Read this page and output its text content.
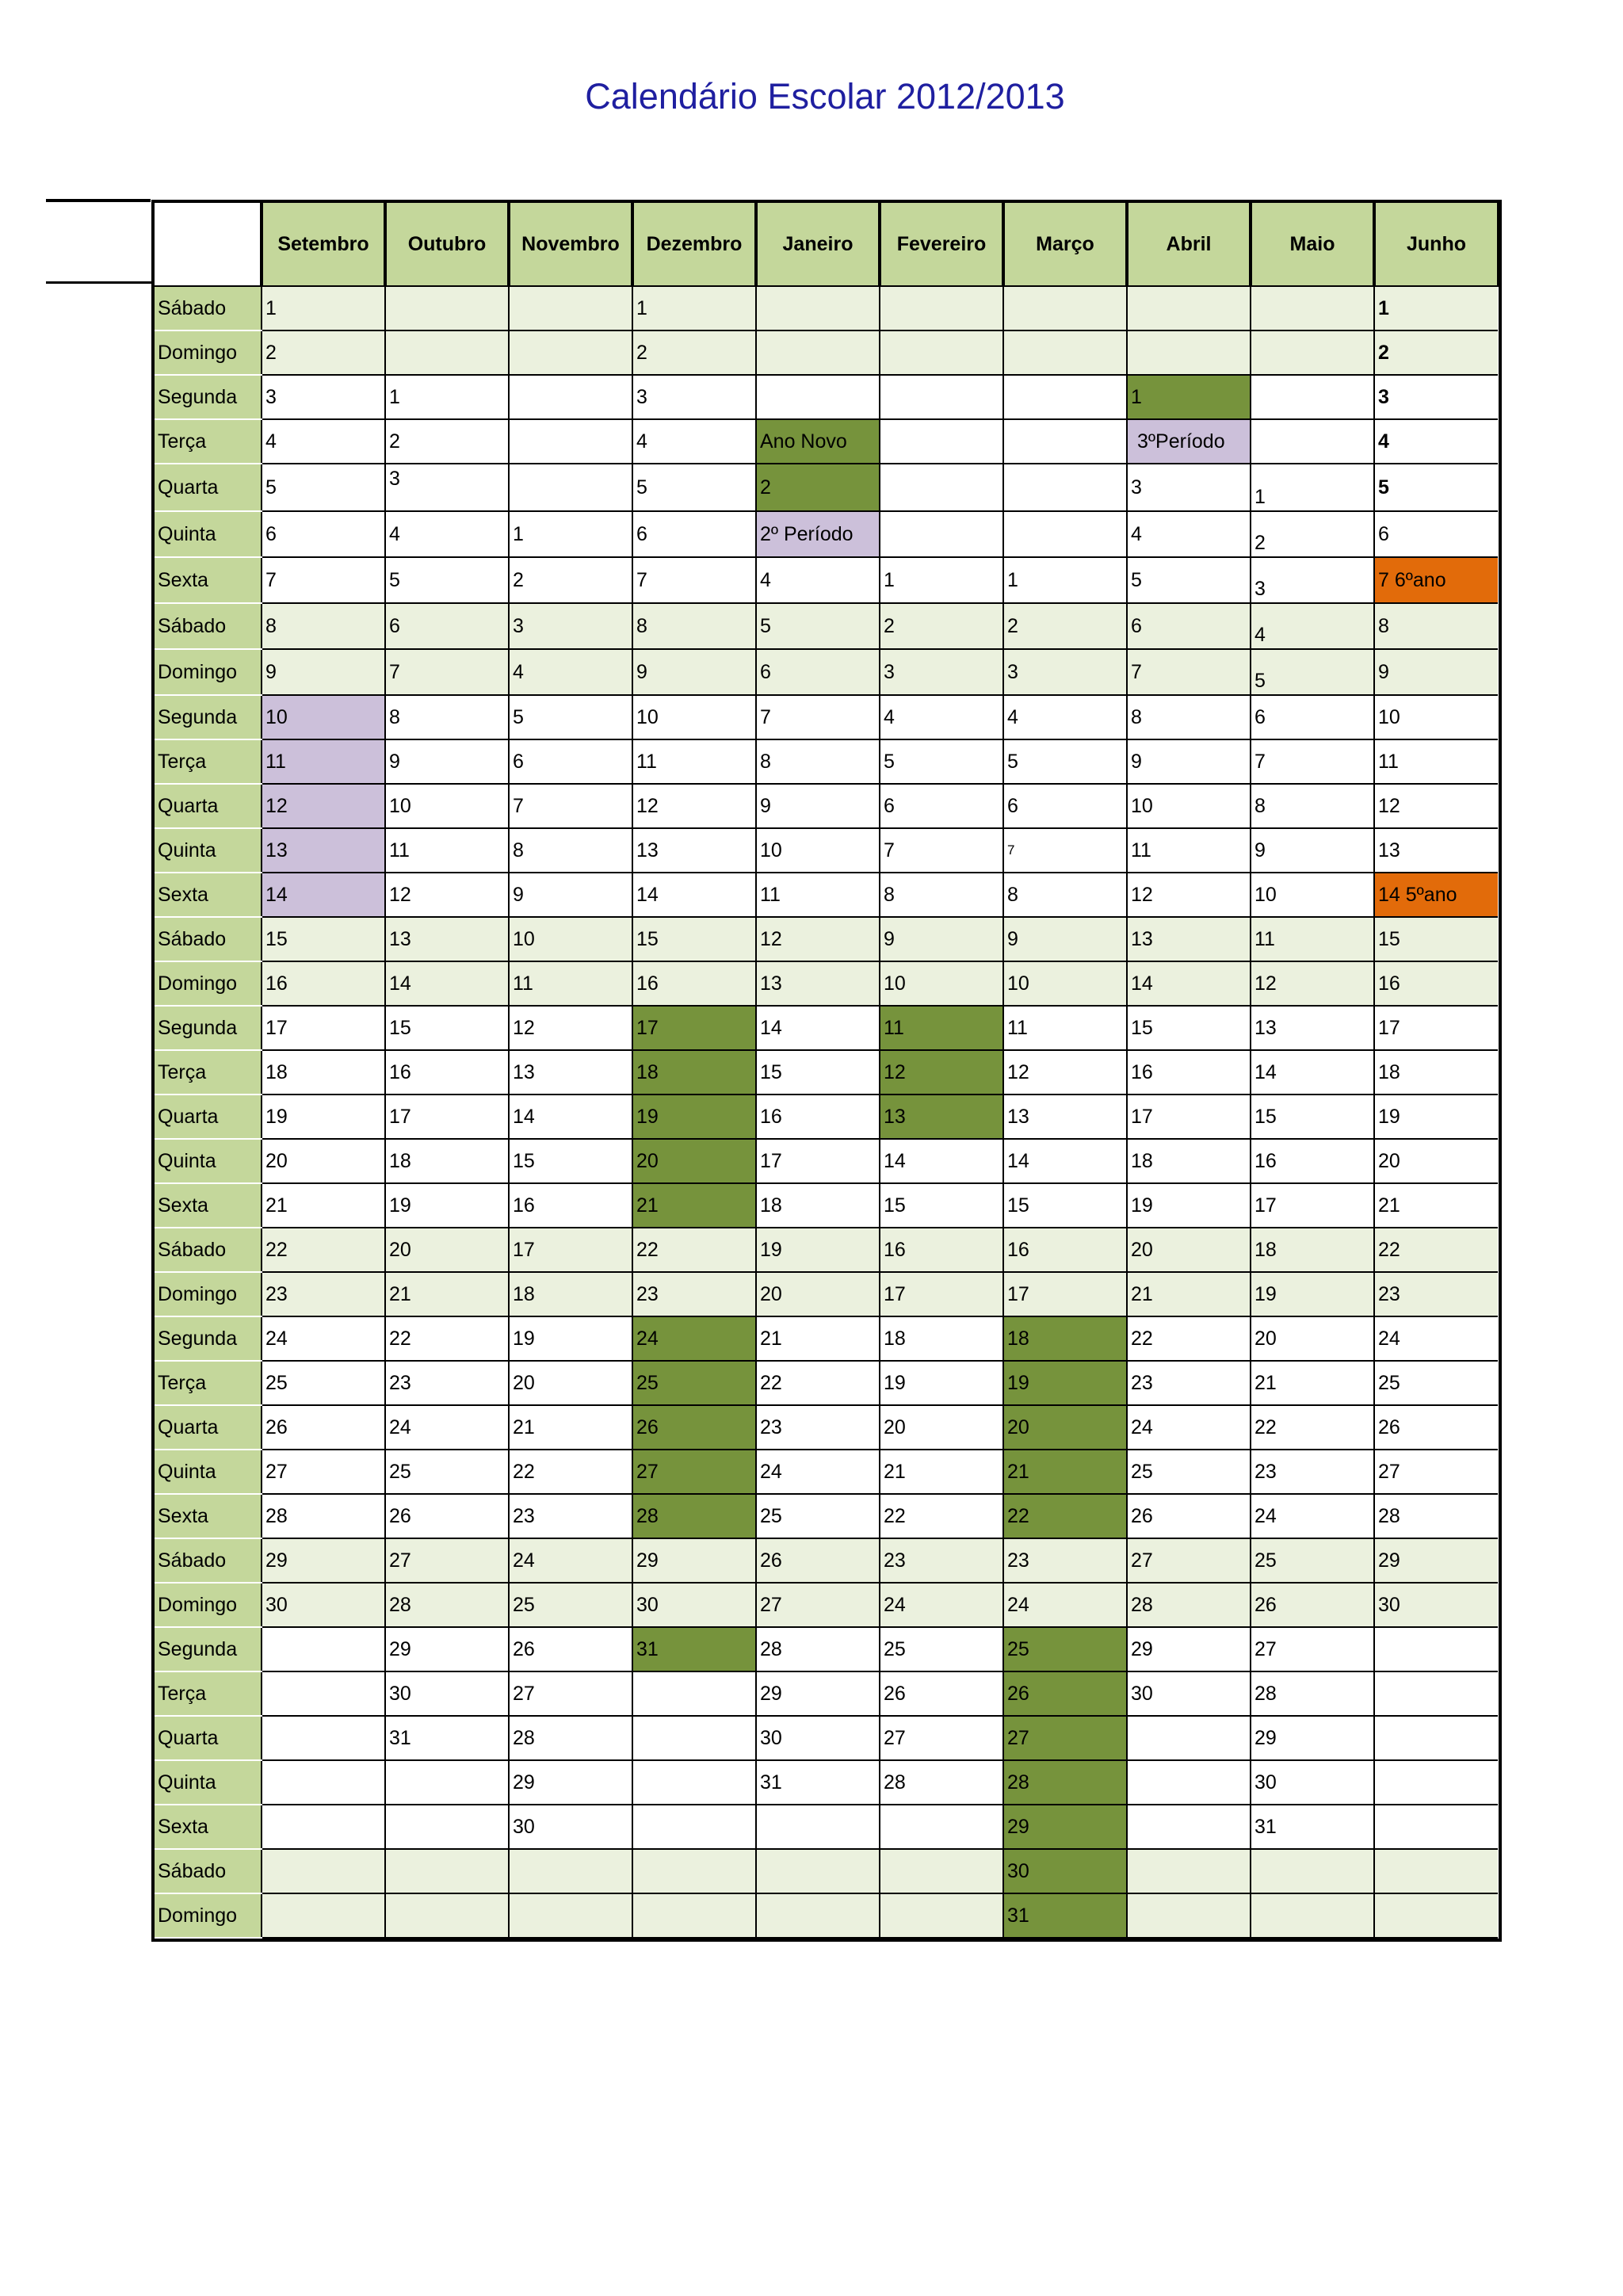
Calendário Escolar 2012/2013
	Setembro	Outubro	Novembro	Dezembro	Janeiro	Fevereiro	Março	Abril	Maio	Junho
Sábado	1			1						1
Domingo	2			2						2
Segunda	3	1		3				1		3
Terça	4	2		4	Ano Novo			3ºPeríodo		4
Quarta	5	3		5	2			3	1	5
Quinta	6	4	1	6	2º Período			4	2	6
Sexta	7	5	2	7	4	1	1	5	3	7 6ºano
Sábado	8	6	3	8	5	2	2	6	4	8
Domingo	9	7	4	9	6	3	3	7	5	9
Segunda	10	8	5	10	7	4	4	8	6	10
Terça	11	9	6	11	8	5	5	9	7	11
Quarta	12	10	7	12	9	6	6	10	8	12
Quinta	13	11	8	13	10	7	7	11	9	13
Sexta	14	12	9	14	11	8	8	12	10	14 5ºano
Sábado	15	13	10	15	12	9	9	13	11	15
Domingo	16	14	11	16	13	10	10	14	12	16
Segunda	17	15	12	17	14	11	11	15	13	17
Terça	18	16	13	18	15	12	12	16	14	18
Quarta	19	17	14	19	16	13	13	17	15	19
Quinta	20	18	15	20	17	14	14	18	16	20
Sexta	21	19	16	21	18	15	15	19	17	21
Sábado	22	20	17	22	19	16	16	20	18	22
Domingo	23	21	18	23	20	17	17	21	19	23
Segunda	24	22	19	24	21	18	18	22	20	24
Terça	25	23	20	25	22	19	19	23	21	25
Quarta	26	24	21	26	23	20	20	24	22	26
Quinta	27	25	22	27	24	21	21	25	23	27
Sexta	28	26	23	28	25	22	22	26	24	28
Sábado	29	27	24	29	26	23	23	27	25	29
Domingo	30	28	25	30	27	24	24	28	26	30
Segunda		29	26	31	28	25	25	29	27	
Terça		30	27		29	26	26	30	28	
Quarta		31	28		30	27	27		29	
Quinta			29		31	28	28		30	
Sexta			30				29		31	
Sábado							30			
Domingo							31			
